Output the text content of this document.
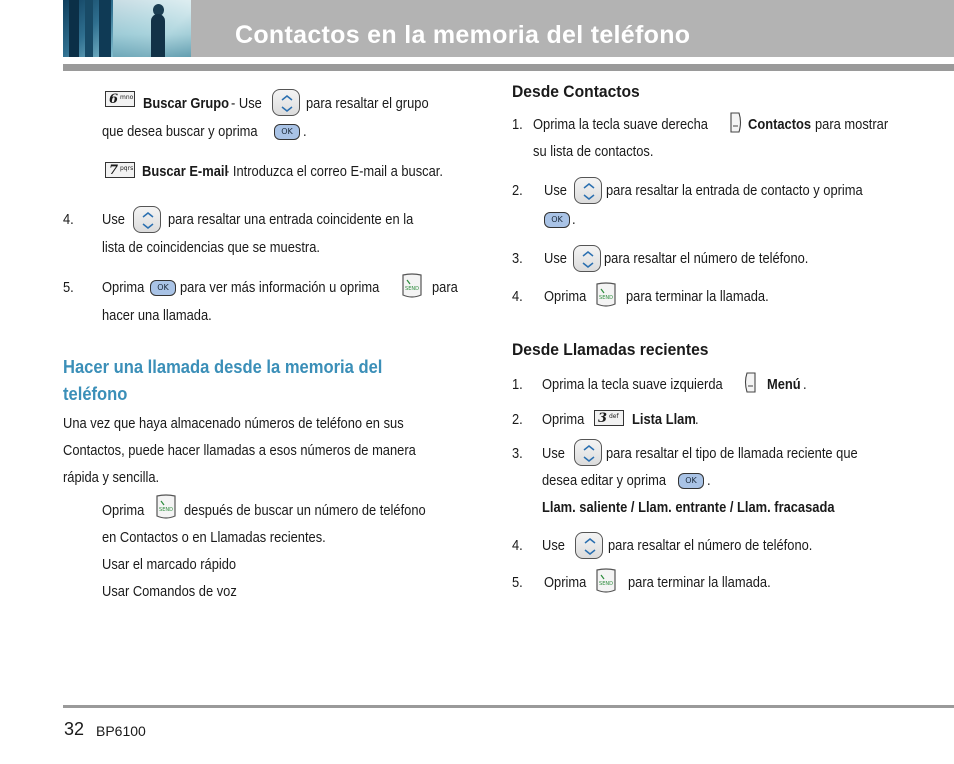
Contactos en la memoria del teléfono
6 mno Buscar Grupo - Use	para resaltar el grupo
que desea buscar y oprima	OK .
7 pqrs Buscar E-mail
- Introduzca el correo E-mail a buscar.
4. Use	para resaltar una entrada coincidente en la
lista de coincidencias que se muestra.
5. Oprima	OK para ver más información u oprima	SEND para
hacer una llamada.
Hacer una llamada desde la memoria del
teléfono
Una vez que haya almacenado números de teléfono en sus
Contactos, puede hacer llamadas a esos números de manera
rápida y sencilla.
Oprima	SEND después de buscar un número de teléfono
en Contactos o en Llamadas recientes.
Usar el marcado rápido
Usar Comandos de voz
Desde Contactos
1. Oprima la tecla suave derecha	Contactos para mostrar
su lista de contactos.
2. Use	para resaltar la entrada de contacto y oprima
OK .
3. Use para resaltar el número de teléfono.
4. Oprima	SEND para terminar la llamada.
Desde Llamadas recientes
1. Oprima la tecla suave izquierda	Menú .
2. Oprima 3 def Lista Llam .
3. Use	para resaltar el tipo de llamada reciente que
desea editar y oprima	OK .
Llam. saliente / Llam. entrante / Llam. fracasada
4. Use	para resaltar el número de teléfono.
5. Oprima	SEND para terminar la llamada.
32 BP6100
